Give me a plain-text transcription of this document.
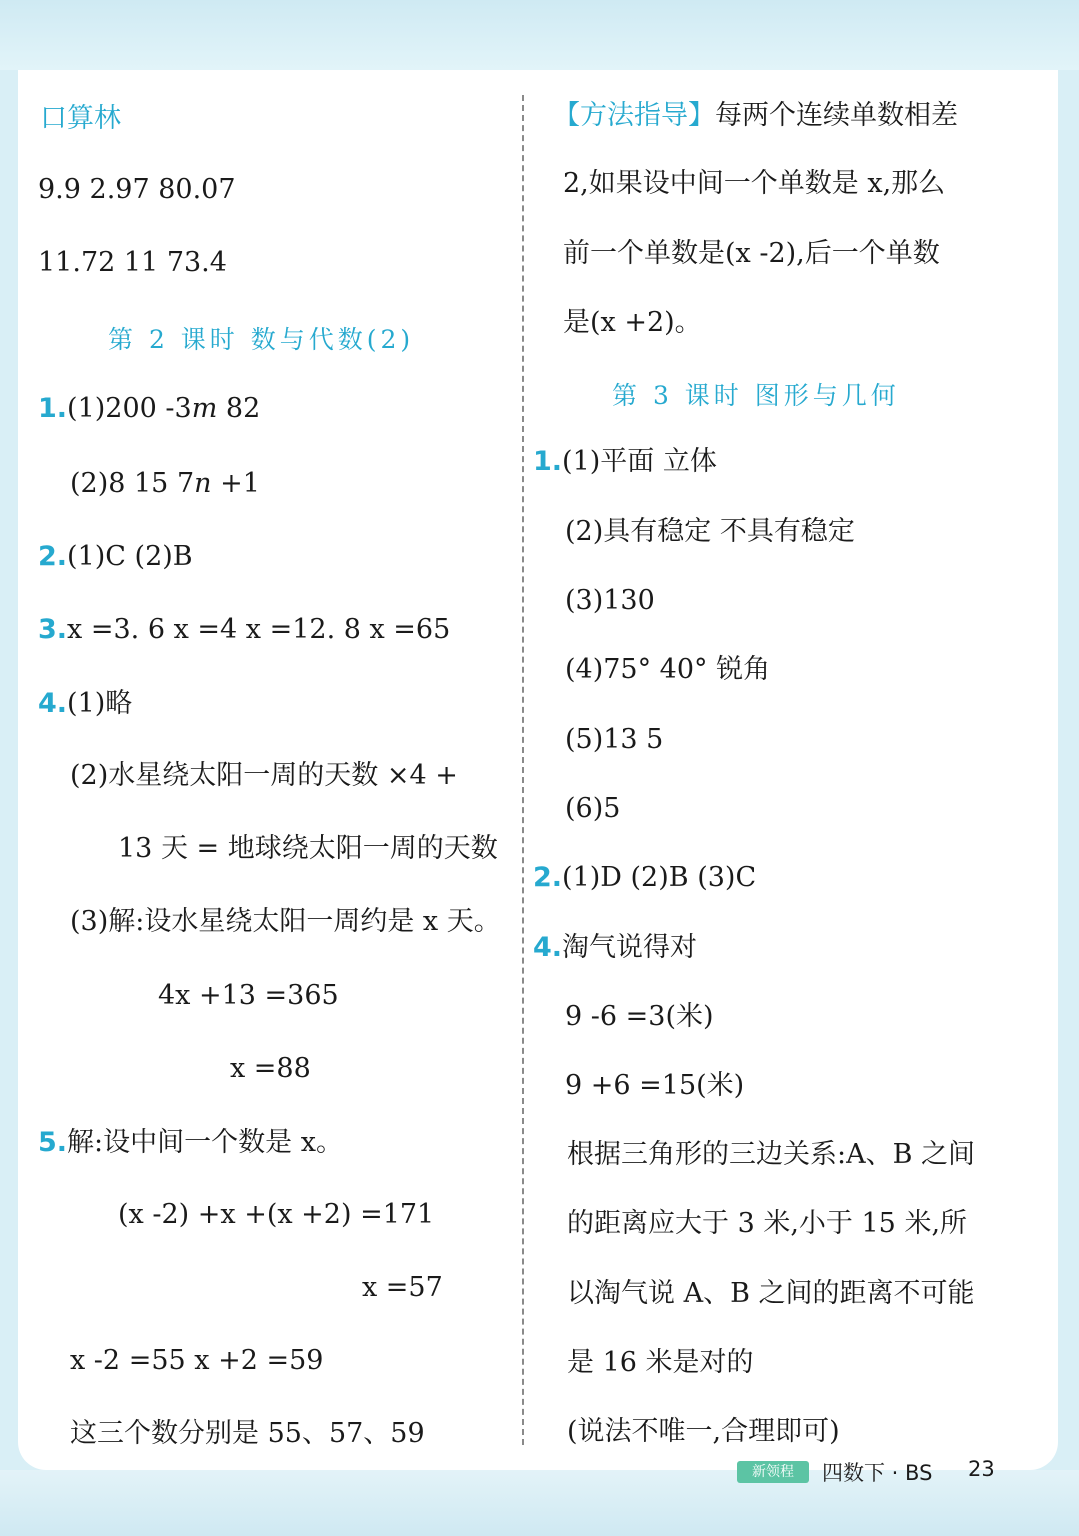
口算林
9.9 2.97 80.07
11.72 11 73.4
第 2 课时 数与代数(2)
1.(1)200 -3m 82
(2)8 15 7n +1
2.(1)C (2)B
3.x =3. 6 x =4 x =12. 8 x =65
4.(1)略
(2)水星绕太阳一周的天数 ×4 +
13 天 = 地球绕太阳一周的天数
(3)解:设水星绕太阳一周约是 x 天。
4x +13 =365
x =88
5.解:设中间一个数是 x。
(x -2) +x +(x +2) =171
x =57
x -2 =55 x +2 =59
这三个数分别是 55、57、59
【方法指导】每两个连续单数相差
2,如果设中间一个单数是 x,那么
前一个单数是(x -2),后一个单数
是(x +2)。
第 3 课时 图形与几何
1.(1)平面 立体
(2)具有稳定 不具有稳定
(3)130
(4)75° 40° 锐角
(5)13 5
(6)5
2.(1)D (2)B (3)C
4.淘气说得对
9 -6 =3(米)
9 +6 =15(米)
根据三角形的三边关系:A、B 之间
的距离应大于 3 米,小于 15 米,所
以淘气说 A、B 之间的距离不可能
是 16 米是对的
(说法不唯一,合理即可)
新领程	四数下 · BS 23
